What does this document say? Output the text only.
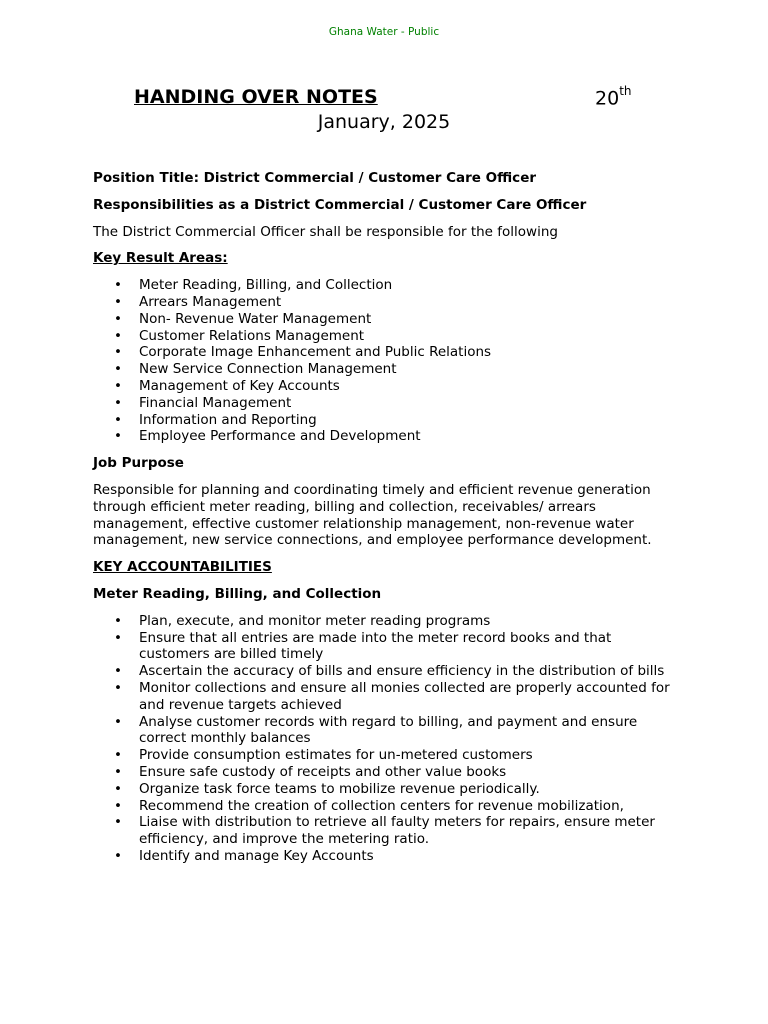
Ghana Water - Public
HANDING OVER NOTES	20th
January, 2025

Position Title: District Commercial / Customer Care Officer

Responsibilities as a District Commercial / Customer Care Officer

The District Commercial Officer shall be responsible for the following

Key Result Areas:

• Meter Reading, Billing, and Collection
• Arrears Management
• Non- Revenue Water Management
• Customer Relations Management
• Corporate Image Enhancement and Public Relations
• New Service Connection Management
• Management of Key Accounts
• Financial Management
• Information and Reporting
• Employee Performance and Development

Job Purpose

Responsible for planning and coordinating timely and efficient revenue generation through efficient meter reading, billing and collection, receivables/ arrears management, effective customer relationship management, non-revenue water management, new service connections, and employee performance development.

KEY ACCOUNTABILITIES

Meter Reading, Billing, and Collection

• Plan, execute, and monitor meter reading programs
• Ensure that all entries are made into the meter record books and that customers are billed timely
• Ascertain the accuracy of bills and ensure efficiency in the distribution of bills
• Monitor collections and ensure all monies collected are properly accounted for and revenue targets achieved
• Analyse customer records with regard to billing, and payment and ensure correct monthly balances
• Provide consumption estimates for un-metered customers
• Ensure safe custody of receipts and other value books
• Organize task force teams to mobilize revenue periodically.
• Recommend the creation of collection centers for revenue mobilization,
• Liaise with distribution to retrieve all faulty meters for repairs, ensure meter efficiency, and improve the metering ratio.
• Identify and manage Key Accounts
